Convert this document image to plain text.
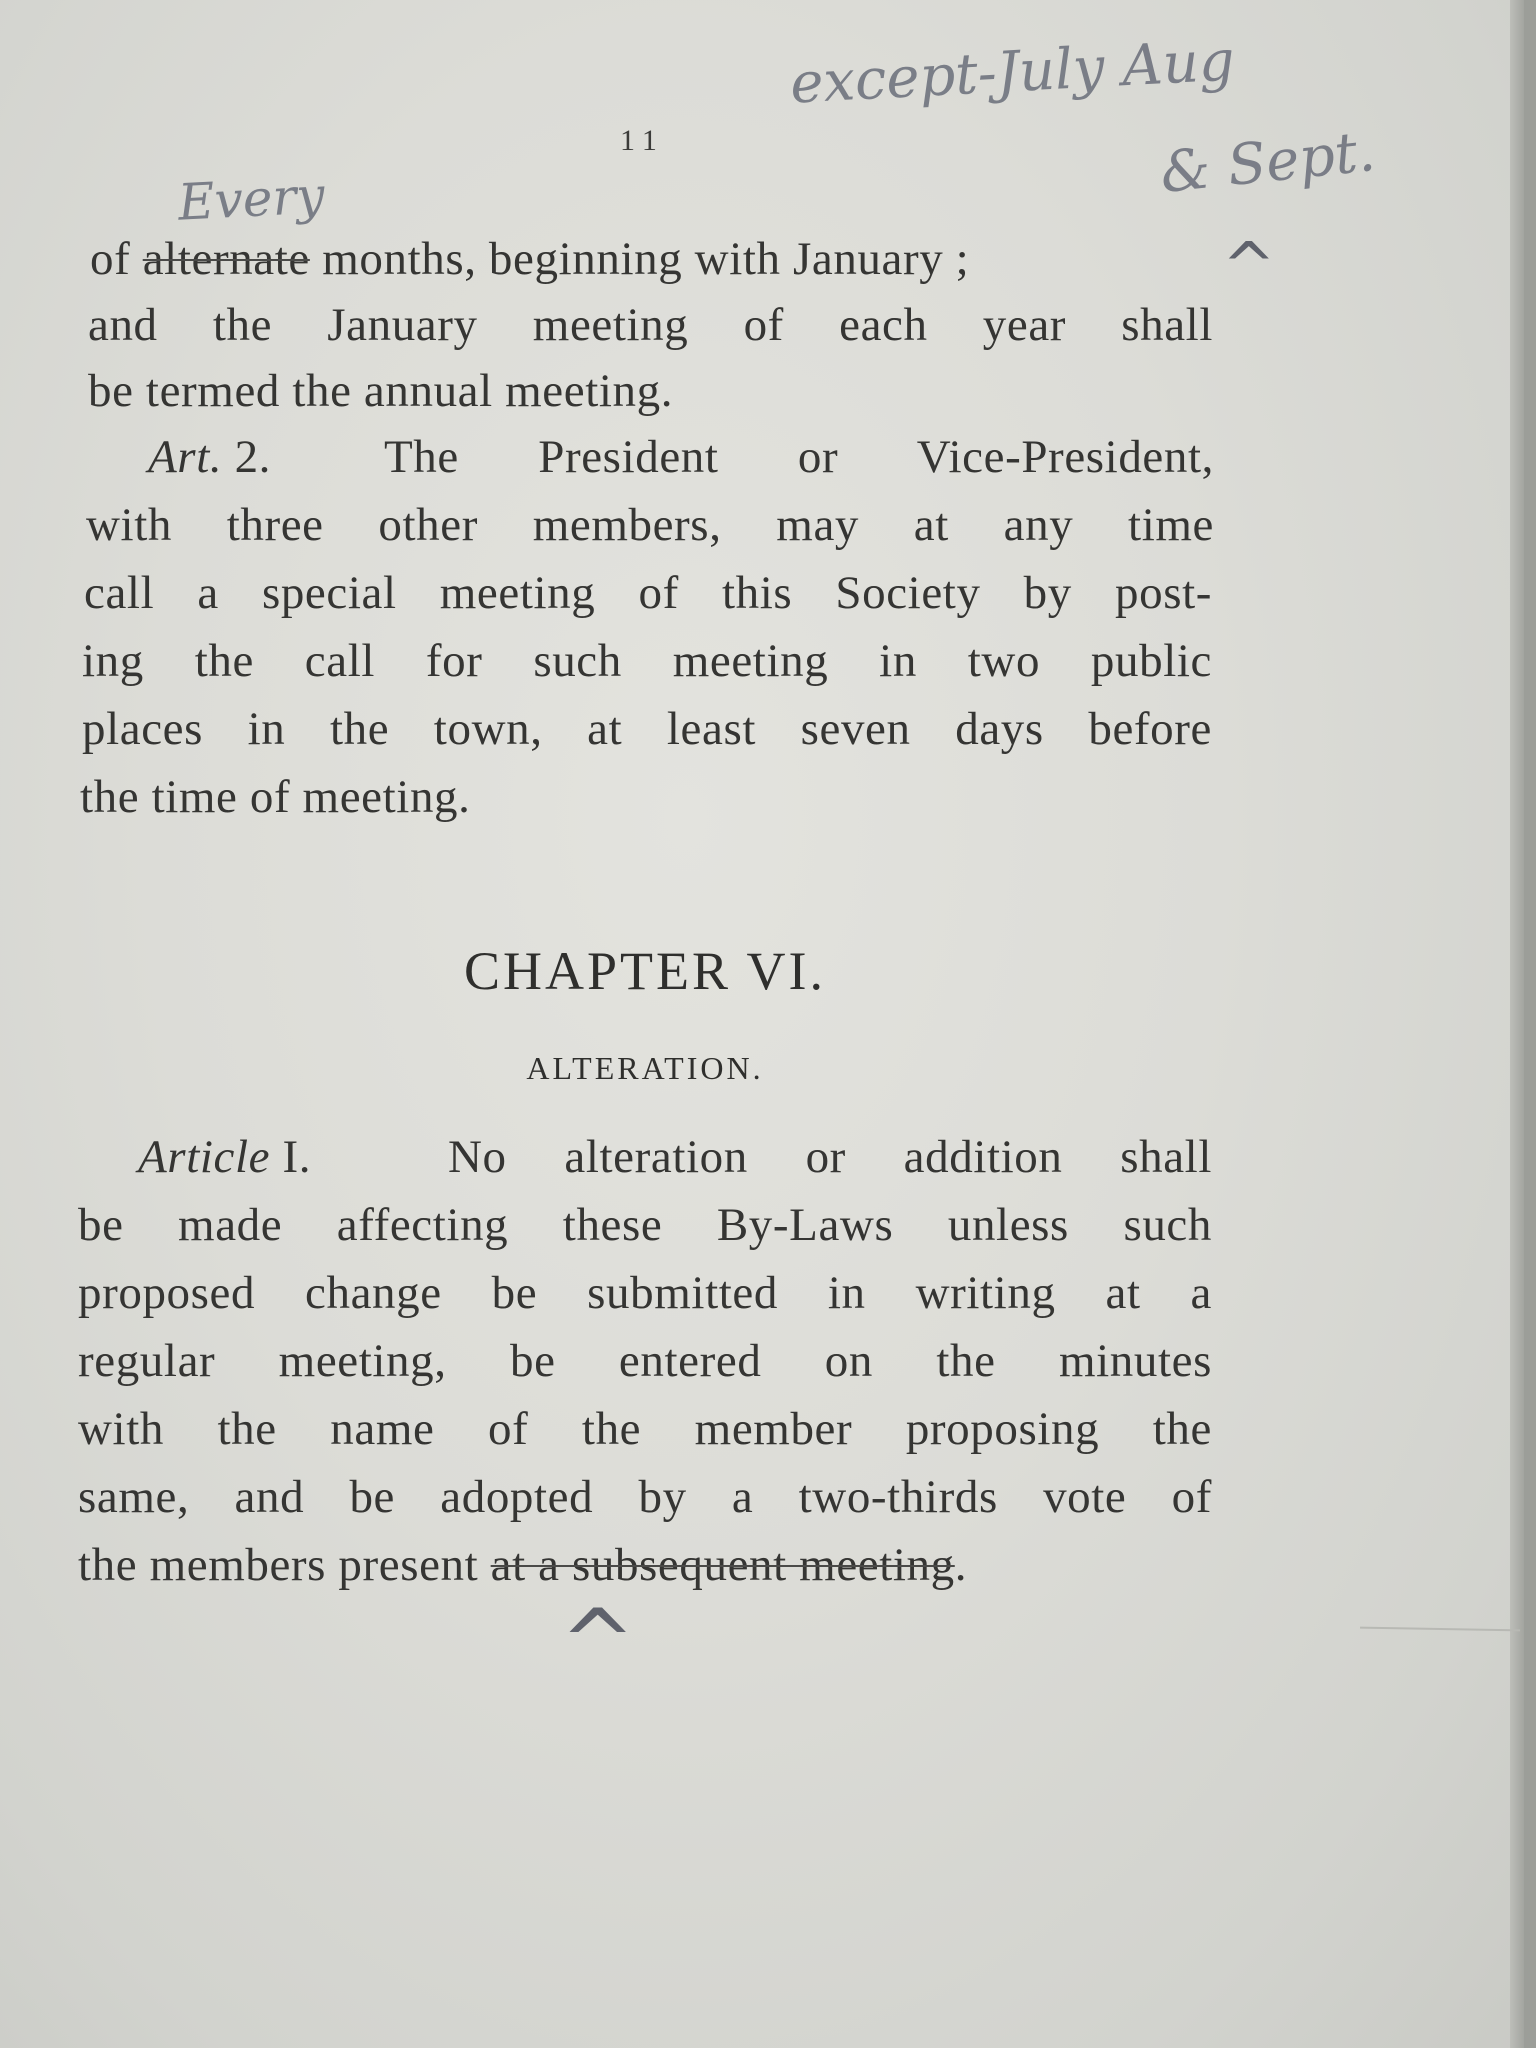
11
except-July Aug
& Sept.
Every
^
of alternate months, beginning with January ;
and the January meeting of each year shall
be termed the annual meeting.
Art. 2. The President or Vice-President,
with three other members, may at any time
call a special meeting of this Society by post-
ing the call for such meeting in two public
places in the town, at least seven days before
the time of meeting.
CHAPTER VI.
ALTERATION.
Article I.	No alteration or addition shall
be made affecting these By-Laws unless such
proposed change be submitted in writing at a
regular meeting, be entered on the minutes
with the name of the member proposing the
same, and be adopted by a two-thirds vote of
the members present at a subsequent meeting.
^
